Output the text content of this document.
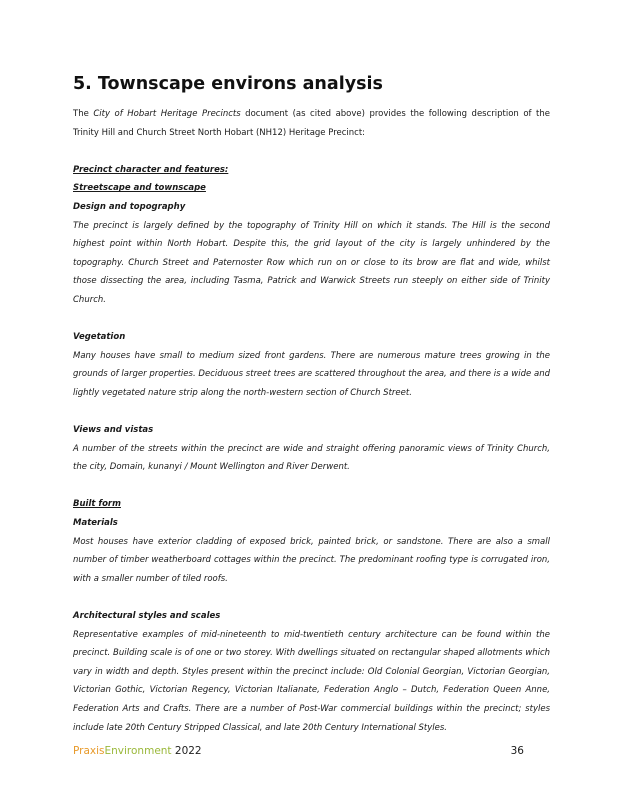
5. Townscape environs analysis

The City of Hobart Heritage Precincts document (as cited above) provides the following description of the Trinity Hill and Church Street North Hobart (NH12) Heritage Precinct:

Precinct character and features:

Streetscape and townscape

Design and topography

The precinct is largely defined by the topography of Trinity Hill on which it stands. The Hill is the second highest point within North Hobart. Despite this, the grid layout of the city is largely unhindered by the topography. Church Street and Paternoster Row which run on or close to its brow are flat and wide, whilst those dissecting the area, including Tasma, Patrick and Warwick Streets run steeply on either side of Trinity Church.

Vegetation

Many houses have small to medium sized front gardens. There are numerous mature trees growing in the grounds of larger properties. Deciduous street trees are scattered throughout the area, and there is a wide and lightly vegetated nature strip along the north-western section of Church Street.

Views and vistas

A number of the streets within the precinct are wide and straight offering panoramic views of Trinity Church, the city, Domain, kunanyi / Mount Wellington and River Derwent.

Built form

Materials

Most houses have exterior cladding of exposed brick, painted brick, or sandstone. There are also a small number of timber weatherboard cottages within the precinct. The predominant roofing type is corrugated iron, with a smaller number of tiled roofs.

Architectural styles and scales

Representative examples of mid-nineteenth to mid-twentieth century architecture can be found within the precinct. Building scale is of one or two storey. With dwellings situated on rectangular shaped allotments which vary in width and depth. Styles present within the precinct include: Old Colonial Georgian, Victorian Georgian, Victorian Gothic, Victorian Regency, Victorian Italianate, Federation Anglo – Dutch, Federation Queen Anne, Federation Arts and Crafts. There are a number of Post-War commercial buildings within the precinct; styles include late 20th Century Stripped Classical, and late 20th Century International Styles.

PraxisEnvironment 2022	36
